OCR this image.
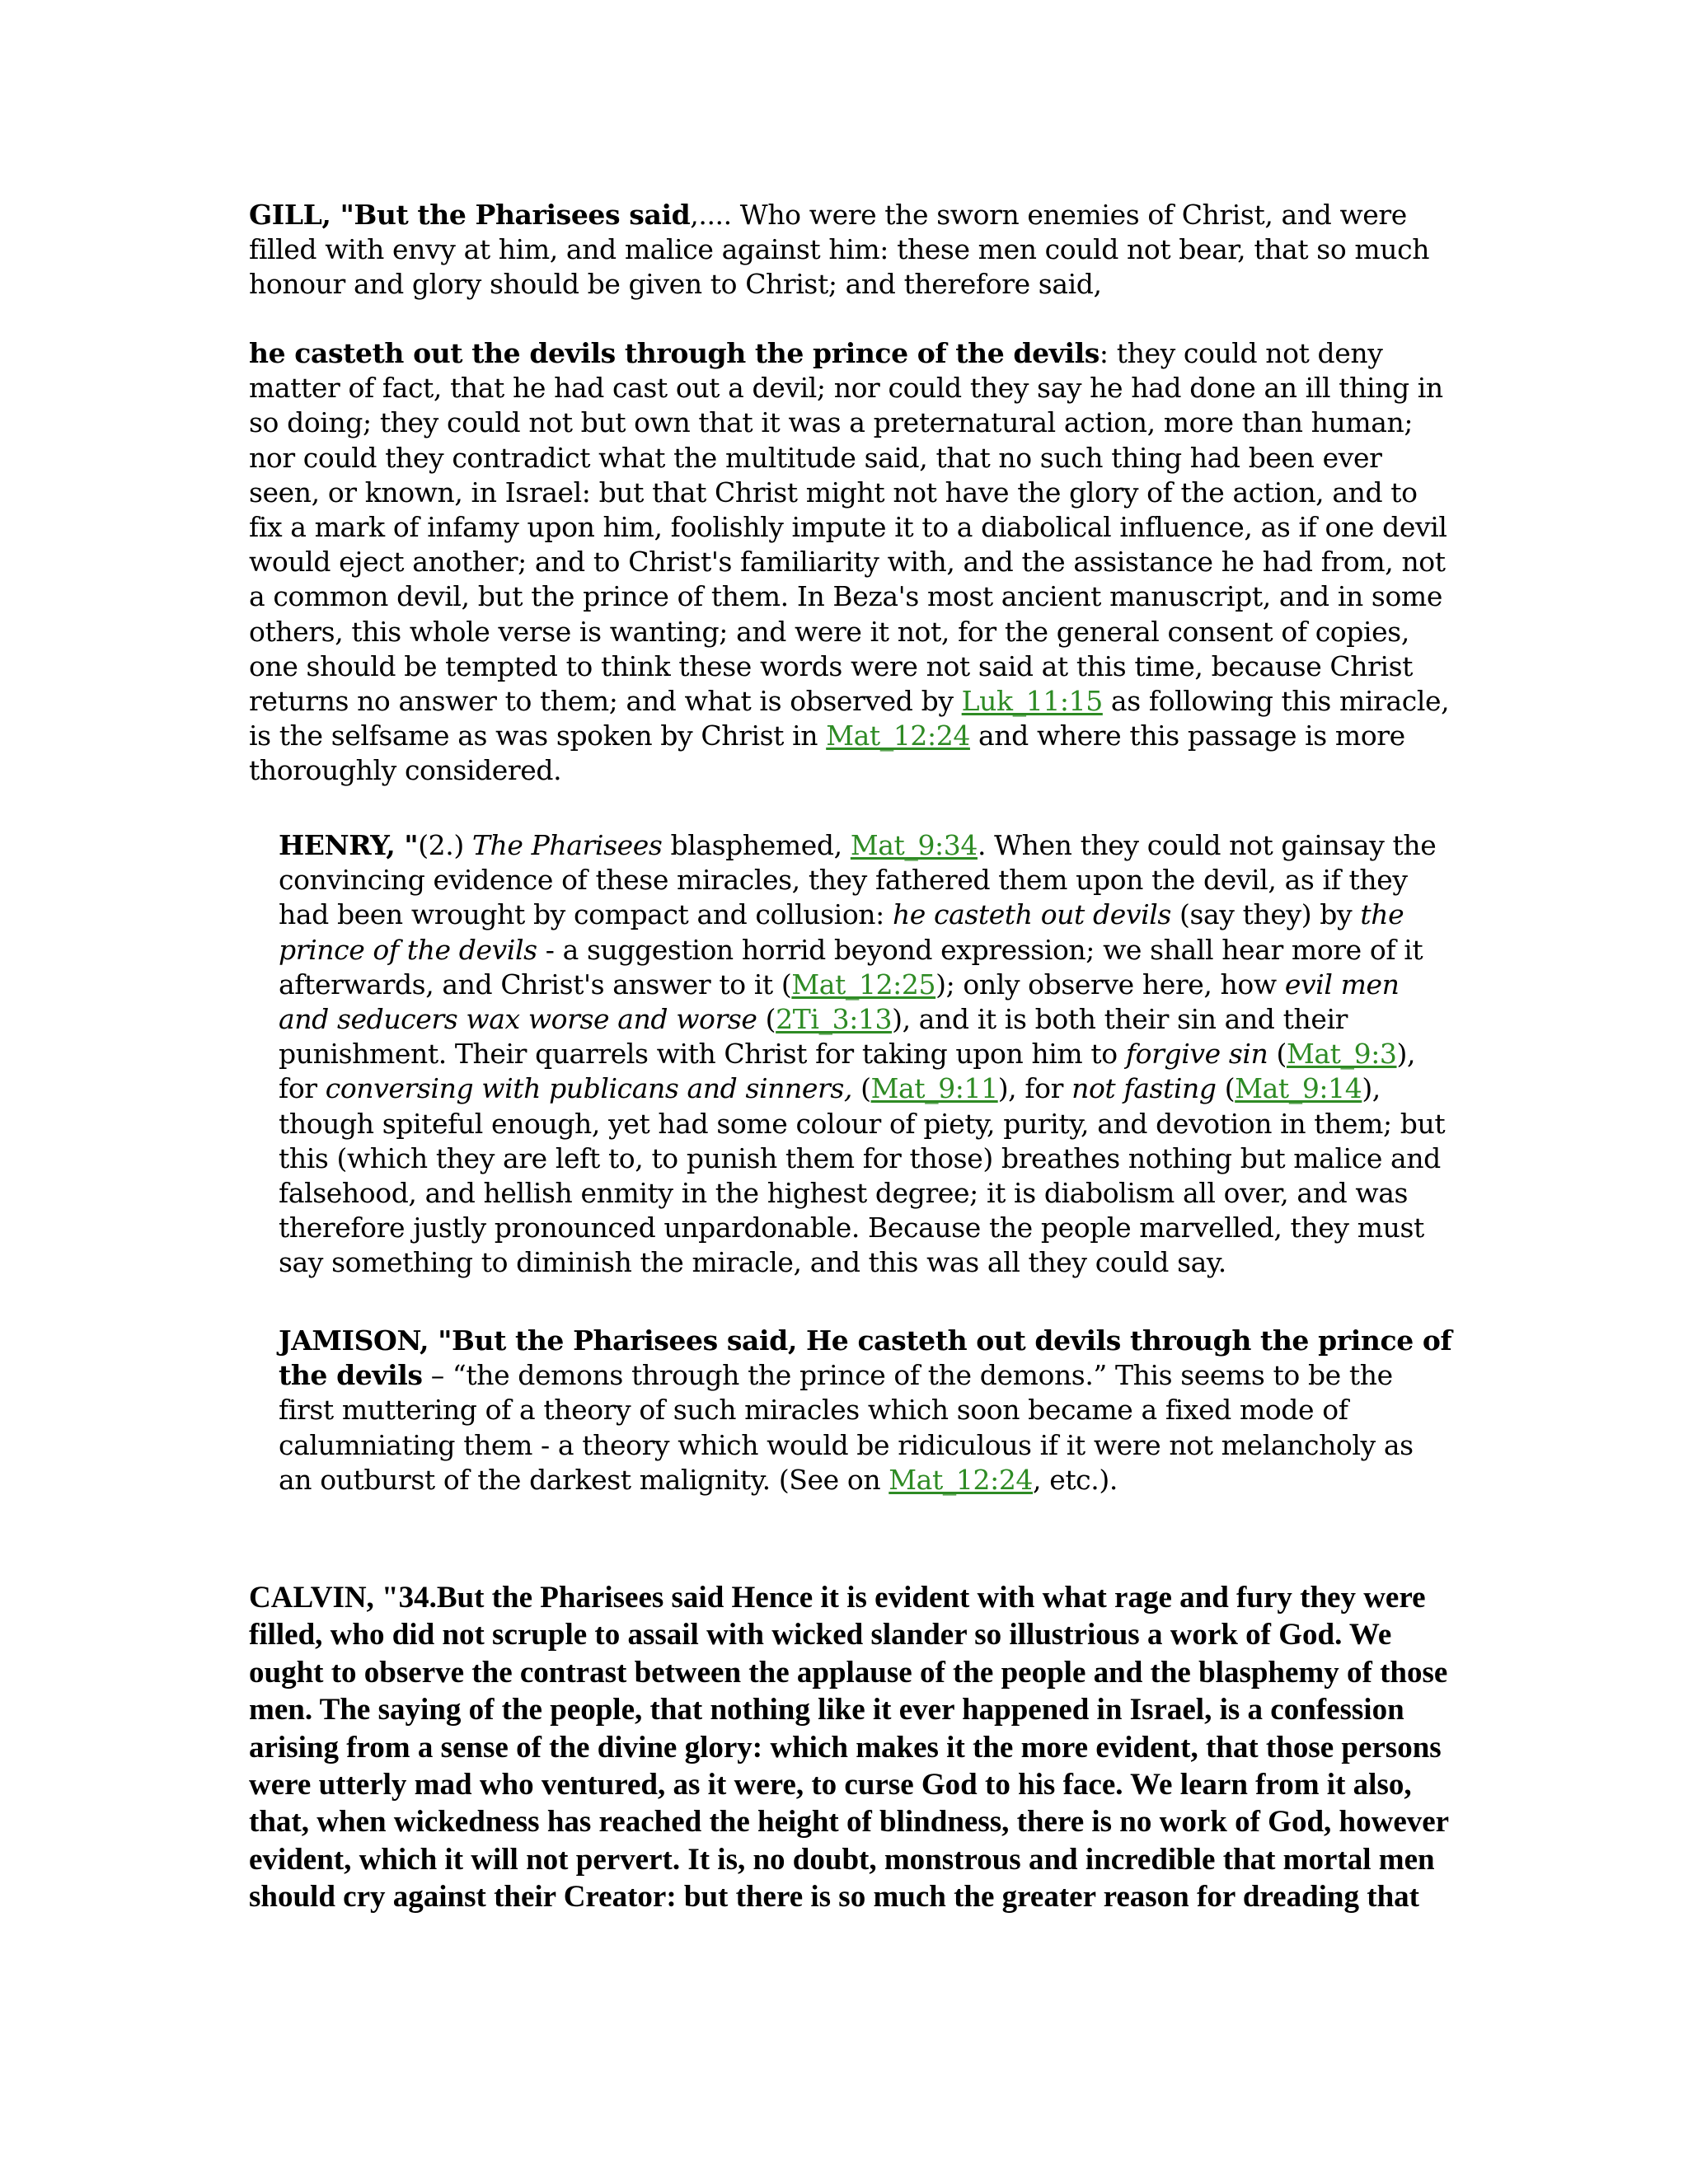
GILL, "But the Pharisees said,.... Who were the sworn enemies of Christ, and were filled with envy at him, and malice against him: these men could not bear, that so much honour and glory should be given to Christ; and therefore said,

he casteth out the devils through the prince of the devils: they could not deny matter of fact, that he had cast out a devil; nor could they say he had done an ill thing in so doing; they could not but own that it was a preternatural action, more than human; nor could they contradict what the multitude said, that no such thing had been ever seen, or known, in Israel: but that Christ might not have the glory of the action, and to fix a mark of infamy upon him, foolishly impute it to a diabolical influence, as if one devil would eject another; and to Christ's familiarity with, and the assistance he had from, not a common devil, but the prince of them. In Beza's most ancient manuscript, and in some others, this whole verse is wanting; and were it not, for the general consent of copies, one should be tempted to think these words were not said at this time, because Christ returns no answer to them; and what is observed by Luk_11:15 as following this miracle, is the selfsame as was spoken by Christ in Mat_12:24 and where this passage is more thoroughly considered.

HENRY, "(2.) The Pharisees blasphemed, Mat_9:34. When they could not gainsay the convincing evidence of these miracles, they fathered them upon the devil, as if they had been wrought by compact and collusion: he casteth out devils (say they) by the prince of the devils - a suggestion horrid beyond expression; we shall hear more of it afterwards, and Christ's answer to it (Mat_12:25); only observe here, how evil men and seducers wax worse and worse (2Ti_3:13), and it is both their sin and their punishment. Their quarrels with Christ for taking upon him to forgive sin (Mat_9:3), for conversing with publicans and sinners, (Mat_9:11), for not fasting (Mat_9:14), though spiteful enough, yet had some colour of piety, purity, and devotion in them; but this (which they are left to, to punish them for those) breathes nothing but malice and falsehood, and hellish enmity in the highest degree; it is diabolism all over, and was therefore justly pronounced unpardonable. Because the people marvelled, they must say something to diminish the miracle, and this was all they could say.

JAMISON, "But the Pharisees said, He casteth out devils through the prince of the devils – “the demons through the prince of the demons.” This seems to be the first muttering of a theory of such miracles which soon became a fixed mode of calumniating them - a theory which would be ridiculous if it were not melancholy as an outburst of the darkest malignity. (See on Mat_12:24, etc.).

CALVIN, "34.But the Pharisees said Hence it is evident with what rage and fury they were filled, who did not scruple to assail with wicked slander so illustrious a work of God. We ought to observe the contrast between the applause of the people and the blasphemy of those men. The saying of the people, that nothing like it ever happened in Israel, is a confession arising from a sense of the divine glory: which makes it the more evident, that those persons were utterly mad who ventured, as it were, to curse God to his face. We learn from it also, that, when wickedness has reached the height of blindness, there is no work of God, however evident, which it will not pervert. It is, no doubt, monstrous and incredible that mortal men should cry against their Creator: but there is so much the greater reason for dreading that
